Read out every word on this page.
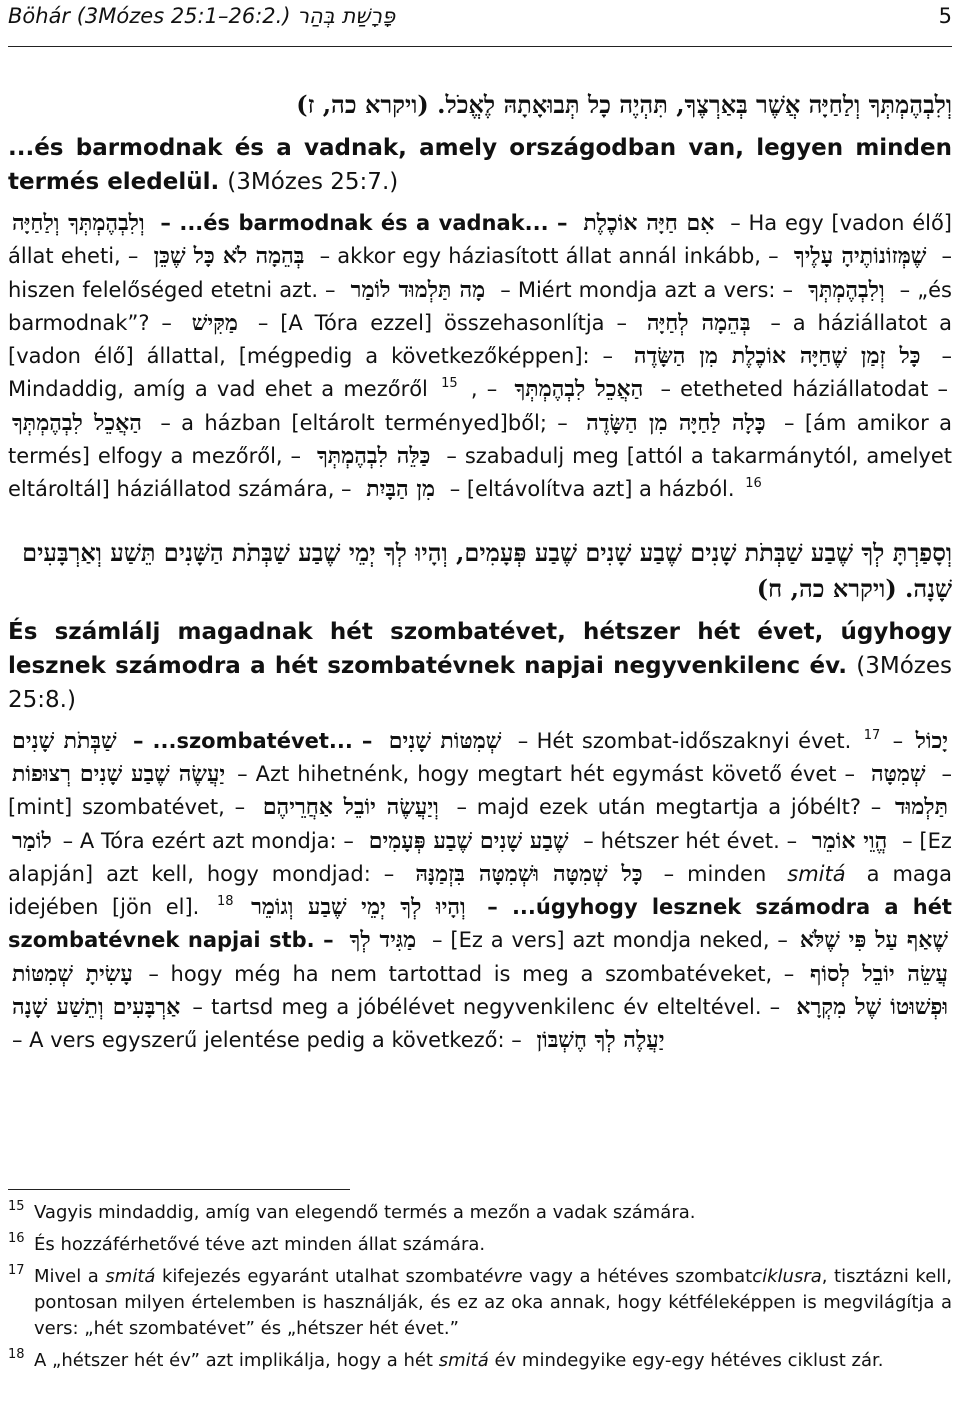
Böhár (3Mózes 25:1–26:2.) פָּרָשַׁת בְּהַר	5
וְלִבְהֶמְתְּךָ וְלַחַיָּה אֲשֶׁר בְּאַרְצֶךָ, תִּהְיֶה כָל תְּבוּאָתָהּ לֶאֱכֹל. (ויקרא כה, ז)
...és barmodnak és a vadnak, amely országodban van, legyen minden termés eledelül. (3Mózes 25:7.)
וְלִבְהֶמְתְּךָ וְלַחַיָּה – ...és barmodnak és a vadnak... – אִם חַיָּה אוֹכֶלֶת – Ha egy [vadon élő] állat eheti, – בְּהֵמָה לֹא כָּל שֶׁכֵּן – akkor egy háziasított állat annál inkább, – שֶׁמְּזוֹנוֹתֶיהָ עָלֶיךָ – hiszen felelőséged etetni azt. – מָה תַּלְמוּד לוֹמַר – Miért mondja azt a vers: – וְלִבְהֶמְתְּךָ – „és barmodnak”? – מַקִּישׁ – [A Tóra ezzel] összehasonlítja – בְּהֵמָה לְחַיָּה – a háziállatot a [vadon élő] állattal, [mégpedig a következőképpen]: – כָּל זְמַן שֶׁחַיָּה אוֹכֶלֶת מִן הַשָּׂדֶה – Mindaddig, amíg a vad ehet a mezőről $^{15}$ , – הַאֲכֵל לִבְהֶמְתְּךָ – etetheted háziállatodat – הַאֲכֵל לִבְהֶמְתְּךָ – a házban [eltárolt terményed]ből; – כָּלָה לַחַיָּה מִן הַשָּׂדֶה – [ám amikor a termés] elfogy a mezőről, – כַּלֵּה לִבְהֶמְתְּךָ – szabadulj meg [attól a takarmánytól, amelyet eltároltál] háziállatod számára, – מִן הַבָּיִת – [eltávolítva azt] a házból. $^{16}$
וְסָפַרְתָּ לְךָ שֶׁבַע שַׁבְּתֹת שָׁנִים שֶׁבַע שָׁנִים שֶׁבַע פְּעָמִים, וְהָיוּ לְךָ יְמֵי שֶׁבַע שַׁבְּתֹת הַשָּׁנִים תֵּשַׁע וְאַרְבָּעִים שָׁנָה. (ויקרא כה, ח)
És számlálj magadnak hét szombatévet, hétszer hét évet, úgyhogy lesznek számodra a hét szombatévnek napjai negyvenkilenc év. (3Mózes 25:8.)
שַׁבְּתֹת שָׁנִים – ...szombatévet... – שְׁמִטּוֹת שָׁנִים – Hét szombat-időszaknyi évet. $^{17}$ – יָכוֹל יַעֲשֶׂה שֶׁבַע שָׁנִים רְצוּפוֹת – Azt hihetnénk, hogy megtart hét egymást követő évet – שְׁמִטָּה – [mint] szombatévet, – וְיַעֲשֶׂה יוֹבֵל אַחֲרֵיהֶם – majd ezek után megtartja a jóbélt? – תַּלְמוּד לוֹמַר – A Tóra ezért azt mondja: – שֶׁבַע שָׁנִים שֶׁבַע פְּעָמִים – hétszer hét évet. – הֱוֵי אוֹמֵר – [Ez alapján] azt kell, hogy mondjad: – כָּל שְׁמִטָּה וּשְׁמִטָּה בִּזְמַנָּהּ – minden smitá a maga idejében [jön el]. $^{18}$ וְהָיוּ לְךָ יְמֵי שֶׁבַע וְגוֹמֵר – ...úgyhogy lesznek számodra a hét szombatévnek napjai stb. – מַגִּיד לְךָ – [Ez a vers] azt mondja neked, – שֶׁאַף עַל פִּי שֶׁלֹּא עָשִׂיתָ שְׁמִטּוֹת – hogy még ha nem tartottad is meg a szombatéveket, – עֲשֵׂה יוֹבֵל לְסוֹף אַרְבָּעִים וְתֵשַׁע שָׁנָה – tartsd meg a jóbélévet negyvenkilenc év elteltével. – וּפְשׁוּטוֹ שֶׁל מִקְרָא – A vers egyszerű jelentése pedig a következő: – יַעֲלֶה לְךָ חֶשְׁבּוֹן
15 Vagyis mindaddig, amíg van elegendő termés a mezőn a vadak számára.
16 És hozzáférhetővé téve azt minden állat számára.
17 Mivel a smitá kifejezés egyaránt utalhat szombatévre vagy a hétéves szombatciklusra, tisztázni kell, pontosan milyen értelemben is használják, és ez az oka annak, hogy kétféleképpen is megvilágítja a vers: „hét szombatévet” és „hétszer hét évet.”
18 A „hétszer hét év” azt implikálja, hogy a hét smitá év mindegyike egy-egy hétéves ciklust zár.
